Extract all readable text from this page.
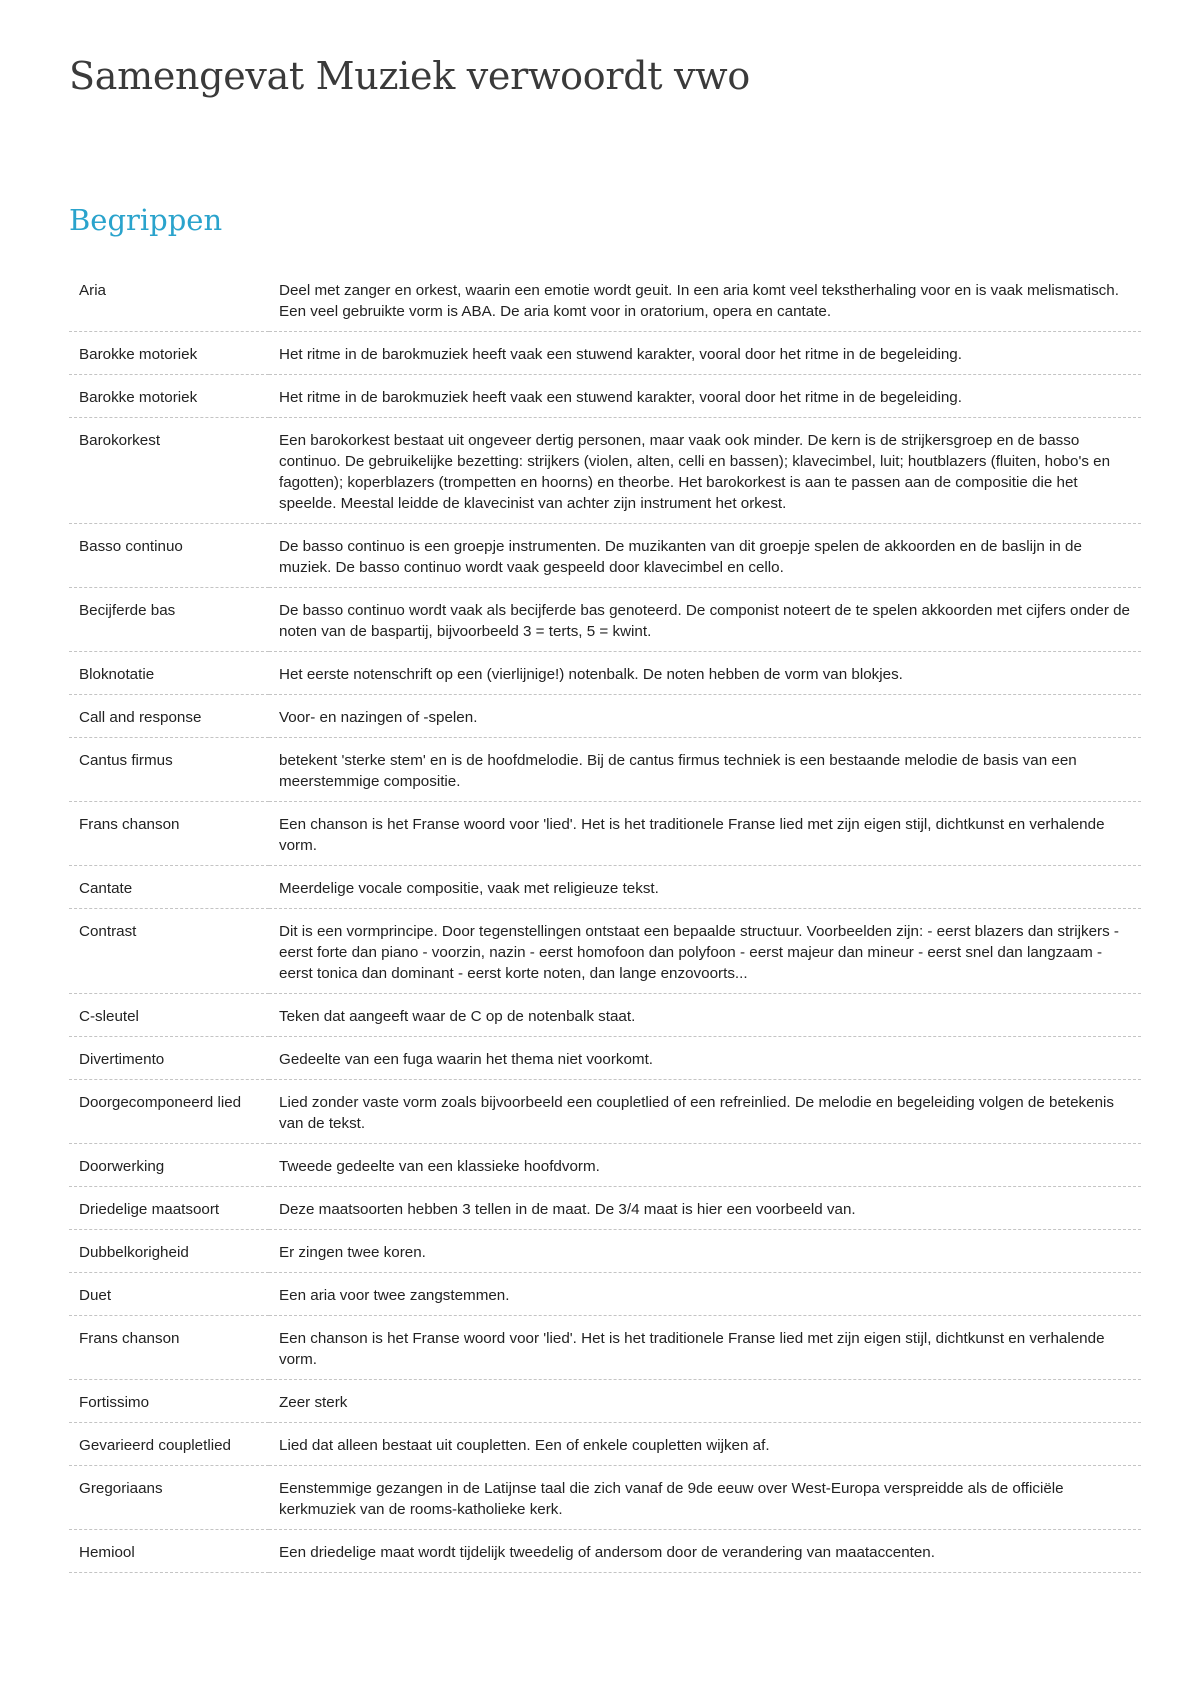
Samengevat Muziek verwoordt vwo
Begrippen
Aria	Deel met zanger en orkest, waarin een emotie wordt geuit. In een aria komt veel tekstherhaling voor en is vaak melismatisch. Een veel gebruikte vorm is ABA. De aria komt voor in oratorium, opera en cantate.
Barokke motoriek	Het ritme in de barokmuziek heeft vaak een stuwend karakter, vooral door het ritme in de begeleiding.
Barokke motoriek	Het ritme in de barokmuziek heeft vaak een stuwend karakter, vooral door het ritme in de begeleiding.
Barokorkest	Een barokorkest bestaat uit ongeveer dertig personen, maar vaak ook minder. De kern is de strijkersgroep en de basso continuo. De gebruikelijke bezetting: strijkers (violen, alten, celli en bassen); klavecimbel, luit; houtblazers (fluiten, hobo's en fagotten); koperblazers (trompetten en hoorns) en theorbe. Het barokorkest is aan te passen aan de compositie die het speelde. Meestal leidde de klavecinist van achter zijn instrument het orkest.
Basso continuo	De basso continuo is een groepje instrumenten. De muzikanten van dit groepje spelen de akkoorden en de baslijn in de muziek. De basso continuo wordt vaak gespeeld door klavecimbel en cello.
Becijferde bas	De basso continuo wordt vaak als becijferde bas genoteerd. De componist noteert de te spelen akkoorden met cijfers onder de noten van de baspartij, bijvoorbeeld 3 = terts, 5 = kwint.
Bloknotatie	Het eerste notenschrift op een (vierlijnige!) notenbalk. De noten hebben de vorm van blokjes.
Call and response	Voor- en nazingen of -spelen.
Cantus firmus	betekent 'sterke stem' en is de hoofdmelodie. Bij de cantus firmus techniek is een bestaande melodie de basis van een meerstemmige compositie.
Frans chanson	Een chanson is het Franse woord voor 'lied'. Het is het traditionele Franse lied met zijn eigen stijl, dichtkunst en verhalende vorm.
Cantate	Meerdelige vocale compositie, vaak met religieuze tekst.
Contrast	Dit is een vormprincipe. Door tegenstellingen ontstaat een bepaalde structuur. Voorbeelden zijn: - eerst blazers dan strijkers - eerst forte dan piano - voorzin, nazin - eerst homofoon dan polyfoon - eerst majeur dan mineur - eerst snel dan langzaam - eerst tonica dan dominant - eerst korte noten, dan lange enzovoorts...
C-sleutel	Teken dat aangeeft waar de C op de notenbalk staat.
Divertimento	Gedeelte van een fuga waarin het thema niet voorkomt.
Doorgecomponeerd lied	Lied zonder vaste vorm zoals bijvoorbeeld een coupletlied of een refreinlied. De melodie en begeleiding volgen de betekenis van de tekst.
Doorwerking	Tweede gedeelte van een klassieke hoofdvorm.
Driedelige maatsoort	Deze maatsoorten hebben 3 tellen in de maat. De 3/4 maat is hier een voorbeeld van.
Dubbelkorigheid	Er zingen twee koren.
Duet	Een aria voor twee zangstemmen.
Frans chanson	Een chanson is het Franse woord voor 'lied'. Het is het traditionele Franse lied met zijn eigen stijl, dichtkunst en verhalende vorm.
Fortissimo	Zeer sterk
Gevarieerd coupletlied	Lied dat alleen bestaat uit coupletten. Een of enkele coupletten wijken af.
Gregoriaans	Eenstemmige gezangen in de Latijnse taal die zich vanaf de 9de eeuw over West-Europa verspreidde als de officiële kerkmuziek van de rooms-katholieke kerk.
Hemiool	Een driedelige maat wordt tijdelijk tweedelig of andersom door de verandering van maataccenten.
